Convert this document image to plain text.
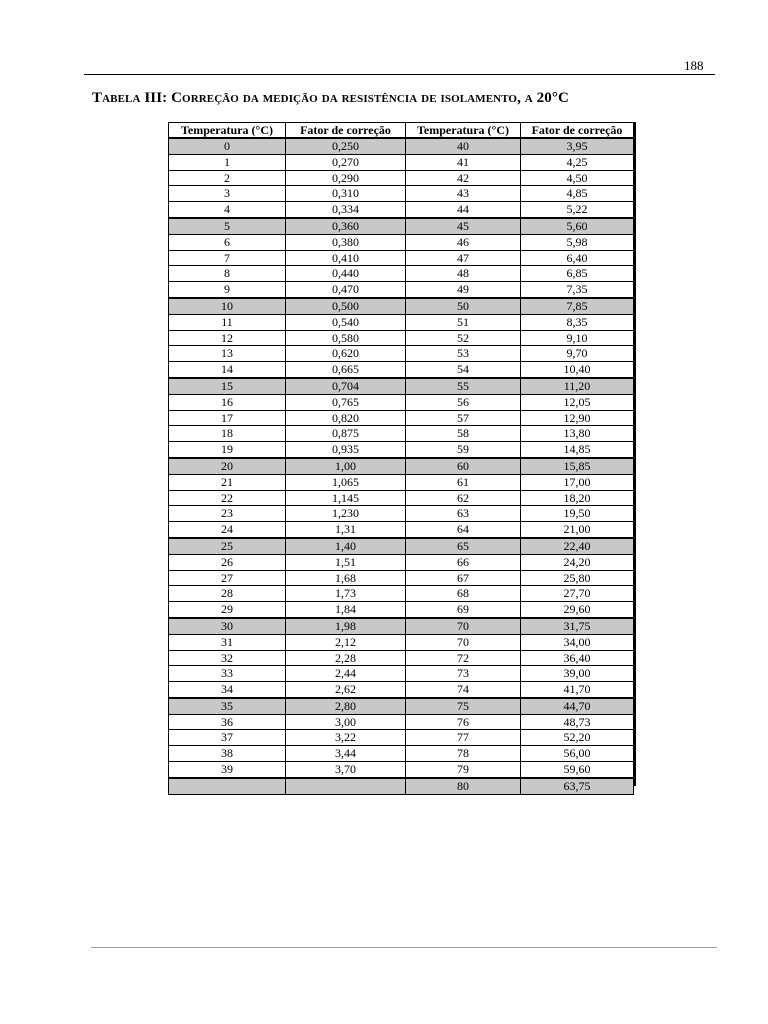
188
Tabela III: Correção da medição da resistência de isolamento, a 20°C
Temperatura (°C)	Fator de correção	Temperatura (°C)	Fator de correção
0	0,250	40	3,95
1	0,270	41	4,25
2	0,290	42	4,50
3	0,310	43	4,85
4	0,334	44	5,22
5	0,360	45	5,60
6	0,380	46	5,98
7	0,410	47	6,40
8	0,440	48	6,85
9	0,470	49	7,35
10	0,500	50	7,85
11	0,540	51	8,35
12	0,580	52	9,10
13	0,620	53	9,70
14	0,665	54	10,40
15	0,704	55	11,20
16	0,765	56	12,05
17	0,820	57	12,90
18	0,875	58	13,80
19	0,935	59	14,85
20	1,00	60	15,85
21	1,065	61	17,00
22	1,145	62	18,20
23	1,230	63	19,50
24	1,31	64	21,00
25	1,40	65	22,40
26	1,51	66	24,20
27	1,68	67	25,80
28	1,73	68	27,70
29	1,84	69	29,60
30	1,98	70	31,75
31	2,12	70	34,00
32	2,28	72	36,40
33	2,44	73	39,00
34	2,62	74	41,70
35	2,80	75	44,70
36	3,00	76	48,73
37	3,22	77	52,20
38	3,44	78	56,00
39	3,70	79	59,60
		80	63,75
